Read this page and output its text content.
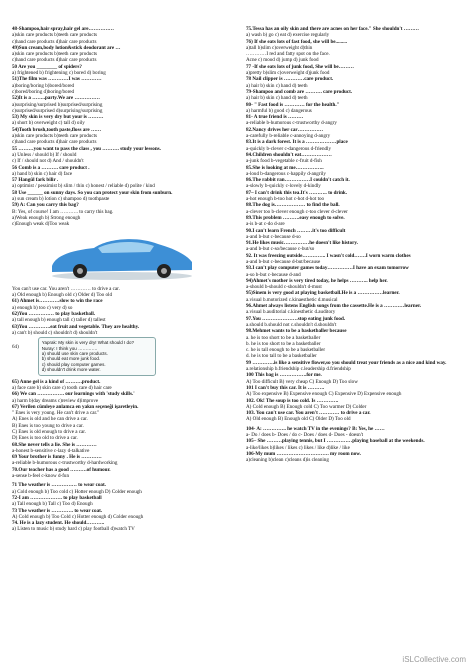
48-Shampoo,hair spray,hair gel are……………
a)skin care products b)teeth care products
c)hand care products d)hair care products
49)Sun cream,body lotion&stick deodorant are …
a)skin care products b)teeth care products
c)hand care products d)hair care products
50 Are you ________ of spiders?
a) frightened b) frightening c) bored d) boring
51)The film was …………I was …………
a)boring/boring b)bored/bored
c)bored/boring d)boring/bored
52)It is a ……..party.We are ……………
a)surprising/surprised b)surprised/surprising
c)surprised/surprised d)surprising/surprising
53) My skin is very dry but your is ………
a) short b) overweight c) tall d) oily
54)Tooth brush,tooth paste,floss are ……
a)skin care products b)teeth care products
c)hand care products d)hair care products
55 ………you want to pass the class , you ………. study your lessons.
a) Unless / should b) If / should
c) If / should not d) And / shouldn't
56 Comb is a ………. care product .
a) hand b) skin c) hair d) face
57 Hangül fark bilir .
a) optimist / pessimist b) slim / thin c) honest / reliable d) polite / kind
58 Use ______ on sunny days. So you can protect your skin from sunburn.
a) sun cream b) lotion c) shampoo d) toothpaste
59) A: Can you carry this bag?
B: Yes, of course! I am ……….. to carry this bag.
a)Weak enough b) Strong enough
c)Enough weak d)Too weak
You can't use car. You aren't ………… to drive a car.
a) Old enough b) Enough old c) Older d) Too old
61) Ahmet is…………slow to win the race
a) enough b) too c) very d) so
62)You …………… to play basketball.
a) tall enough b) enough tall c) taller d) tallest
63)You ………….eat fruit and vegetable. They are healthy.
a) can't b) should c) shouldn't d) shouldn't
64)
Yaprak: My skin is very dry! What should I do?
Nuray: I think you ………….
a) should use skin care products.
b) should eat more junk food.
c) should play computer games.
d) shouldn't drink more water.
65) Anne gel is a kind of ……….product.
a) face care b) skin care c) tooth care d) hair care
66) We can ……………. our learnings with 'study skills.'
a) harm b)day dreams c)review d)improve
67) Verilen cümleye anlamca en yakın seçeneği işaretleyin.
" Enes is very young. He can't drive a car."
A) Enes is old and he can drive a car.
B) Enes is too young to drive a car.
C) Enes is old enough to drive a car.
D) Enes is too old to drive a car.
68.She never tells a lie. She is …………
a-honest b-sensitive c-lazy d-talkative
69 Your brother is funny . He is …………
a-reliable b-humorous c-trustworthy d-hardworking
70.Our teacher has a good ……….of humour.
a-sense b-feel c-know d-fun
71 The weather is …………… to wear coat.
a) Cold enough b) Too cold c) Hotter enough D) Colder enough
72-I am ………………. to play basketball
a) Tall enough b) Tall c) Too d) Enough
73 The weather is …………. to wear coat.
A) Cold enough b) Too Cold c) Hotter enough d) Colder enough
74. He is a lazy student. He should………..
a) Listen to music b) study hard c) play football d)watch TV
75.Tessa has an oily skin and there are acnes on her face." She shouldn't ………
a) wash b) go c) eat d) exercise regularly
76) If she eats lots of fast food, she will be.........
a)tall b)slim c)overweight d)thin
…………I red and fatty spot on the face.
Acne c) mood d) jump d) junk food
77 -If she eats lots of junk food, She will be………
a)pretty b)slim c)overweight d)junk food
78 Nail clipper is …………care product.
a) hair b) skin c) hand d) teeth
79-Shampoo and comb are ………. care product.
a) hair b) skin c) hand d) teeth
80- " Fast food is ………… for the health."
a) harmful b) good c) dangerous
81- A true friend is ………
a-reliable b-humorous c-trustworthy d-angry
82.Nancy drives her car……………
a-carefully b-reliable c-annoying d-angry
83.It is a dark forest. It is a ………………place
a-quickly b-clever c-dangerous d-friendly
84.Children shouldn't eat………………
a-junk food b-vegetable c-fruit d-fish
85.She is looking at me……………..
a-loud b-dangerous c-happily d-angrily
86.The rabbit ran……………I couldn't catch it.
a-slowly b-quickly c-lovely d-kindly
87– I can't drink this tea.It's ……….. to drink.
a-hot enough b-too hot c-hot d-hot too
88.The dog is……………… to find the ball.
a-clever too b-clever enough c-too clever d-clever
89.This problem ……….easy enough to solve.
a-is b-at c-do d-are
90.I can't learn French ………it's too difficult
a-and b-but c-because d-so
91.He likes music……………he doesn't like history.
a-and b-but c-so/because c-but/so
92. It was freezing outside………….. I wasn't cold…….I worn warm clothes
a-and b-but c-because d-but/because
93.I can't play computer games today……………I have an exam tomorrow
a-so b-but c-because d-and
94)Ahmet's mother is very tired today, he helps ……….. help her.
a-should b-should c-shouldn't d-must
95)Sinem is very good at playing basketball.He is a ……………learner.
a.visual b.motorized c.kinaesthetic d.musical
96.Ahmet always listens English songs from the cassette.He is a …………learner.
a.visual b.auditorial c.kinesthetic d.auditory
97.You …………………stop eating junk food.
a.should b.should not c.shouldn't d.shouldn't
98.Mehmet wants to be a basketballer because
a. he is too short to be a basketballer
b. he is too short to be a basketballer
c. he is tall enough to be a basketballer
d. he is too tall to be a basketballer
99 ………….is like a sensitive flower,so you should treat your friends as a nice and kind way.
a.relationship b.friendship c.leadership d.friendship
100 This bag is …………….for me.
A) Too difficult B) very cheap C) Enough D) Too slow
101 I can't buy this car. It is ……….
A) Too expensive B) Expensive enough C) Expensive D) Expensive enough
102. Ok! The soup is too cold. Is ………….
A) Cold enough B) Enough cold C) Too warmer D) Colder
103. You can't use car. You aren't ………… to drive a car.
A) Old enough B) Enough old C) Older D) Too old
104- A: ………….. he watch TV in the evenings? B: Yes, he ……
a- Do / does b- Does / do c- Does / does d- Does - doesn't
105– She ………playing tennis, but I ……………playing baseball at the weekends.
a-like/likes b)likes / likes c) likes / like d)like / like
106-My mum …………………………. my room now.
a)cleaning b)clean c)cleans d)is cleaning
iSLCollective.com
